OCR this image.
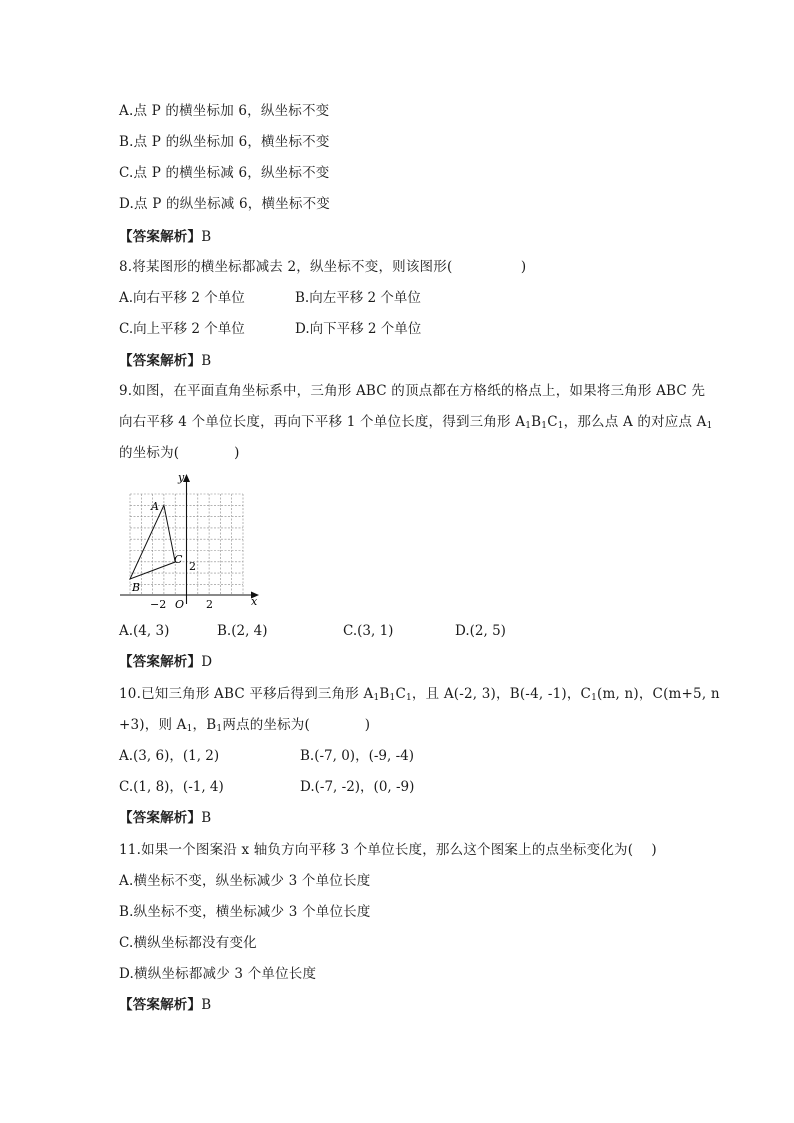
A.点 P 的横坐标加 6，纵坐标不变
B.点 P 的纵坐标加 6，横坐标不变
C.点 P 的横坐标减 6，纵坐标不变
D.点 P 的纵坐标减 6，横坐标不变
【答案解析】B
8.将某图形的横坐标都减去 2，纵坐标不变，则该图形(　　　　　)
A.向右平移 2 个单位	B.向左平移 2 个单位
C.向上平移 2 个单位	D.向下平移 2 个单位
【答案解析】B
9.如图，在平面直角坐标系中，三角形 ABC 的顶点都在方格纸的格点上，如果将三角形 ABC 先
向右平移 4 个单位长度，再向下平移 1 个单位长度，得到三角形 $A_1B_1C_1$，那么点 A 的对应点 $A_1$
的坐标为(　　　　)
A
B
C
y
x
O
−2	2
2
A.(4, 3)	B.(2, 4)	C.(3, 1)	D.(2, 5)
【答案解析】D
10.已知三角形 ABC 平移后得到三角形 $A_1B_1C_1$，且 A(-2, 3)，B(-4, -1)，$C_1(m$, n)，C(m+5, n
+3)，则 $A_1$，$B_1$两点的坐标为(　　　　)
A.(3, 6)，(1, 2)	B.(-7, 0)，(-9, -4)
C.(1, 8)，(-1, 4)	D.(-7, -2)，(0, -9)
【答案解析】B
11.如果一个图案沿 x 轴负方向平移 3 个单位长度，那么这个图案上的点坐标变化为(　 )
A.横坐标不变，纵坐标减少 3 个单位长度
B.纵坐标不变，横坐标减少 3 个单位长度
C.横纵坐标都没有变化
D.横纵坐标都减少 3 个单位长度
【答案解析】B
